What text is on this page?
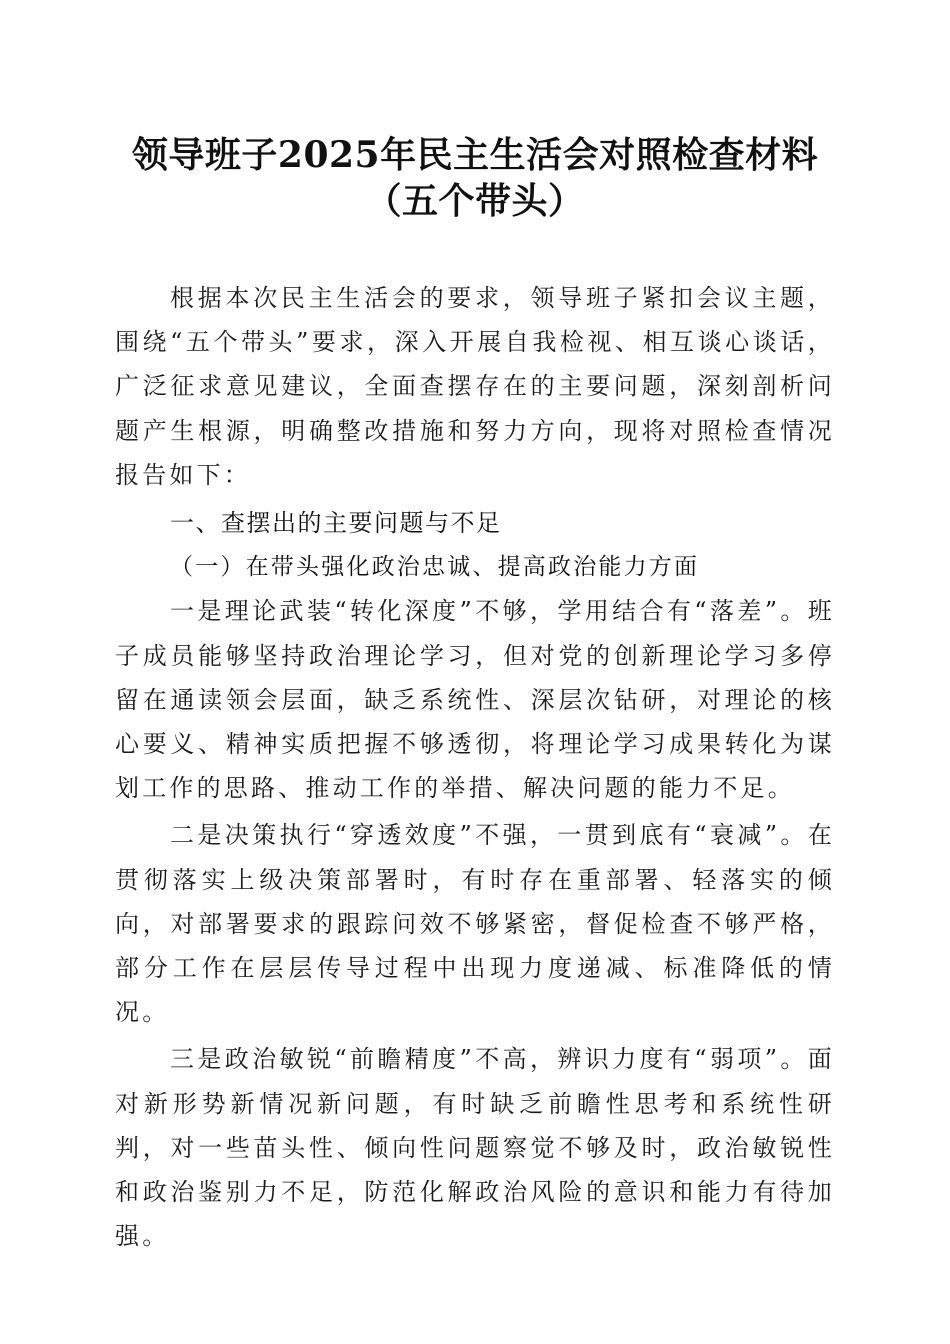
领导班子2025年民主生活会对照检查材料
（五个带头）

根据本次民主生活会的要求，领导班子紧扣会议主题，围绕“五个带头”要求，深入开展自我检视、相互谈心谈话，广泛征求意见建议，全面查摆存在的主要问题，深刻剖析问题产生根源，明确整改措施和努力方向，现将对照检查情况报告如下：

一、查摆出的主要问题与不足

（一）在带头强化政治忠诚、提高政治能力方面

一是理论武装“转化深度”不够，学用结合有“落差”。班子成员能够坚持政治理论学习，但对党的创新理论学习多停留在通读领会层面，缺乏系统性、深层次钻研，对理论的核心要义、精神实质把握不够透彻，将理论学习成果转化为谋划工作的思路、推动工作的举措、解决问题的能力不足。

二是决策执行“穿透效度”不强，一贯到底有“衰减”。在贯彻落实上级决策部署时，有时存在重部署、轻落实的倾向，对部署要求的跟踪问效不够紧密，督促检查不够严格，部分工作在层层传导过程中出现力度递减、标准降低的情况。

三是政治敏锐“前瞻精度”不高，辨识力度有“弱项”。面对新形势新情况新问题，有时缺乏前瞻性思考和系统性研判，对一些苗头性、倾向性问题察觉不够及时，政治敏锐性和政治鉴别力不足，防范化解政治风险的意识和能力有待加强。
